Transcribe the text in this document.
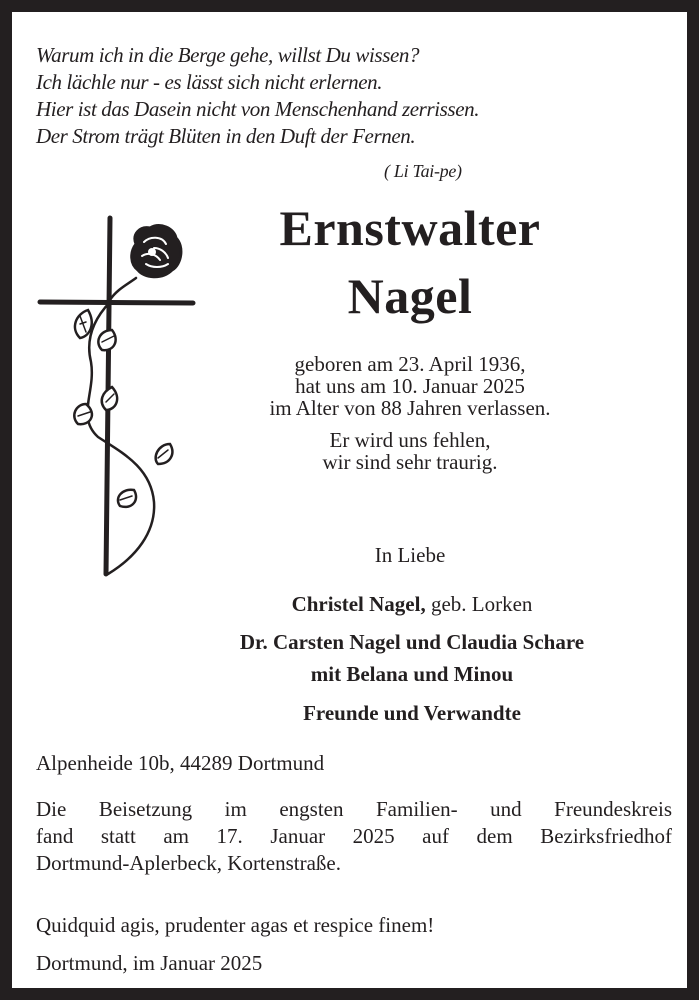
Warum ich in die Berge gehe, willst Du wissen?
Ich lächle nur - es lässt sich nicht erlernen.
Hier ist das Dasein nicht von Menschenhand zerrissen.
Der Strom trägt Blüten in den Duft der Fernen.
( Li Tai-pe)
Ernstwalter
Nagel
geboren am 23. April 1936,
hat uns am 10. Januar 2025
im Alter von 88 Jahren verlassen.
Er wird uns fehlen,
wir sind sehr traurig.
In Liebe
Christel Nagel, geb. Lorken
Dr. Carsten Nagel und Claudia Schare
mit Belana und Minou
Freunde und Verwandte
Alpenheide 10b, 44289 Dortmund
Die Beisetzung im engsten Familien- und Freundeskreis
fand statt am 17. Januar 2025 auf dem Bezirksfriedhof
Dortmund-Aplerbeck, Kortenstraße.
Quidquid agis, prudenter agas et respice finem!
Dortmund, im Januar 2025
